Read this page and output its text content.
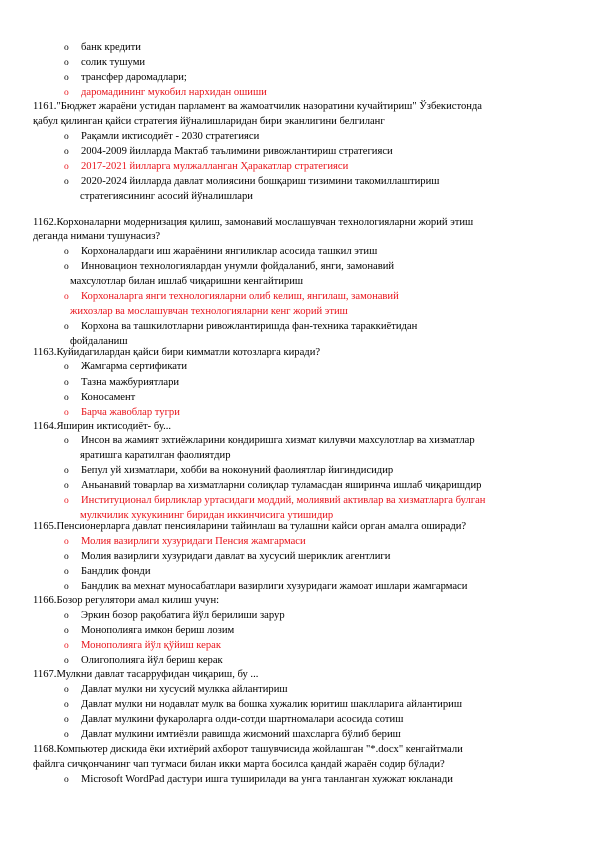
o банк кредити
o солик тушуми
o трансфер даромадлари;
o даромадининг мукобил нархидан ошиши
1161."Бюджет жараёни устидан парламент ва жамоатчилик назоратини кучайтириш" Ўзбекистонда
қабул қилинган қайси стратегия йўналишларидан бири эканлигини белгиланг
o Рақамли иктисодиёт - 2030 стратегияси
o 2004-2009 йилларда Мактаб таълимини ривожлантириш стратегияси
o 2017-2021 йилларга мулжалланган Ҳаракатлар стратегияси
o 2020-2024 йилларда давлат молиясини бошқариш тизимини такомиллаштириш
стратегиясининг асосий йўналишлари
1162.Корхоналарни модернизация қилиш, замонавий мослашувчан технологияларни жорий этиш
деганда нимани тушунасиз?
o Корхоналардаги иш жараёнини янгиликлар асосида ташкил этиш
o Инновацион технологиялардан унумли фойдаланиб, янги, замонавий
махсулотлар билан ишлаб чиқаришни кенгайтириш
o Корхоналарга янги технологияларни олиб келиш, янгилаш, замонавий
жихозлар ва мослашувчан технологияларни кенг жорий этиш
o Корхона ва ташкилотларни ривожлантиришда фан-техника тараккиётидан
фойдаланиш
1163.Куйидагилардан қайси бири кимматли котозларга киради?
o Жамгарма сертификати
o Тазна мажбуриятлари
o Коносамент
o Барча жавоблар тугри
1164.Яширин иктисодиёт- бу...
o Инсон ва жамият эхтиёжларини кондиришга хизмат килувчи махсулотлар ва хизматлар
яратишга каратилган фаолиятдир
o Бепул уй хизматлари, хобби ва ноконуний фаолиятлар йигиндисидир
o Аньанавий товарлар ва хизматларни солиқлар туламасдан яширинча ишлаб чиқаришдир
o Институционал бирликлар уртасидаги моддий, молиявий активлар ва хизматларга булган
мулкчилик хукукининг биридан иккинчисига утишидир
1165.Пенсионерларга давлат пенсияларини тайинлаш ва тулашни кайси орган амалга оширади?
o Молия вазирлиги хузуридаги Пенсия жамгармаси
o Молия вазирлиги хузуридаги давлат ва хусусий шериклик агентлиги
o Бандлик фонди
o Бандлик ва мехнат муносабатлари вазирлиги хузуридаги жамоат ишлари жамгармаси
1166.Бозор регулятори амал килиш учун:
o Эркин бозор рақобатига йўл берилиши зарур
o Монополияга имкон бериш лозим
o Монополияга йўл қўйиш керак
o Олигополияга йўл бериш керак
1167.Мулкни давлат тасарруфидан чиқариш, бу ...
o Давлат мулки ни хусусий мулкка айлантириш
o Давлат мулки ни нодавлат мулк ва бошка хужалик юритиш шаклларига айлантириш
o Давлат мулкини фукароларга олди-сотди шартномалари асосида сотиш
o Давлат мулкини имтиёзли равишда жисмоний шахсларга бўлиб бериш
1168.Компьютер дискида ёки ихтиёрий ахборот ташувчисида жойлашган "*.docx" кенгайтмали
файлга сичқончанинг чап тугмаси билан икки марта босилса қандай жараён содир бўлади?
o Microsoft WordPad дастури ишга туширилади ва унга танланган хужжат юкланади
